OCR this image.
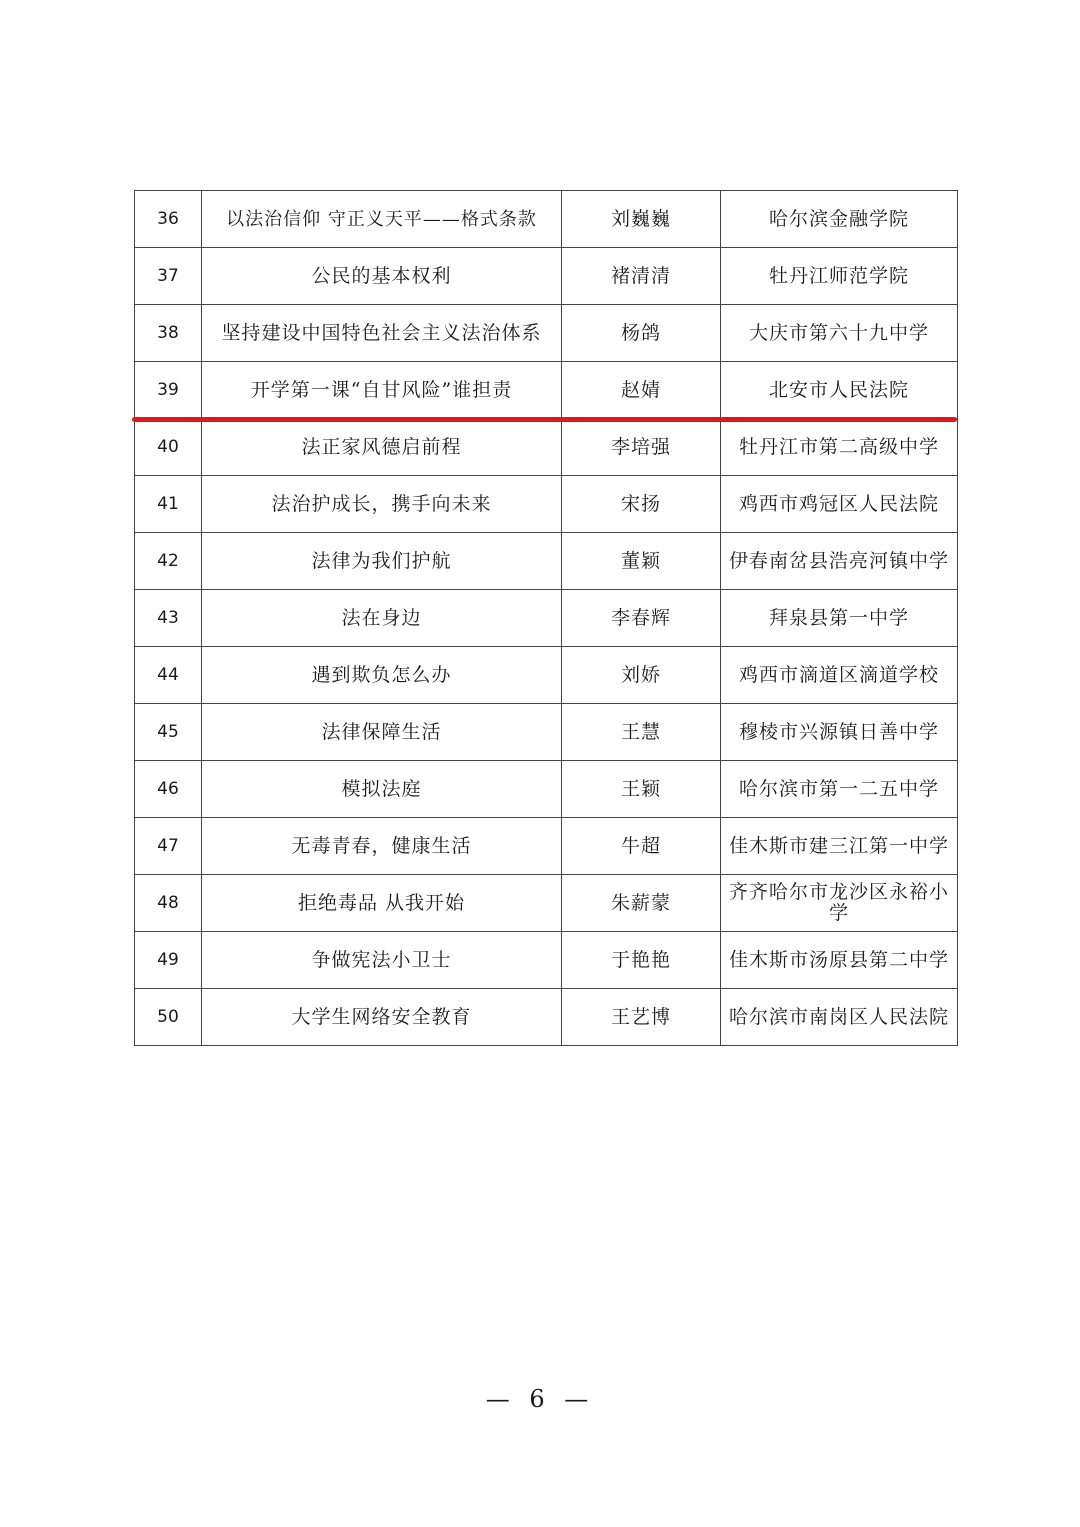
36	以法治信仰 守正义天平——格式条款	刘巍巍	哈尔滨金融学院
37	公民的基本权利	褚清清	牡丹江师范学院
38	坚持建设中国特色社会主义法治体系	杨鸽	大庆市第六十九中学
39	开学第一课“自甘风险”谁担责	赵婧	北安市人民法院
40	法正家风德启前程	李培强	牡丹江市第二高级中学
41	法治护成长，携手向未来	宋扬	鸡西市鸡冠区人民法院
42	法律为我们护航	董颖	伊春南岔县浩亮河镇中学
43	法在身边	李春辉	拜泉县第一中学
44	遇到欺负怎么办	刘娇	鸡西市滴道区滴道学校
45	法律保障生活	王慧	穆棱市兴源镇日善中学
46	模拟法庭	王颖	哈尔滨市第一二五中学
47	无毒青春，健康生活	牛超	佳木斯市建三江第一中学
48	拒绝毒品 从我开始	朱薪蒙	齐齐哈尔市龙沙区永裕小学
49	争做宪法小卫士	于艳艳	佳木斯市汤原县第二中学
50	大学生网络安全教育	王艺博	哈尔滨市南岗区人民法院
— 6 —
